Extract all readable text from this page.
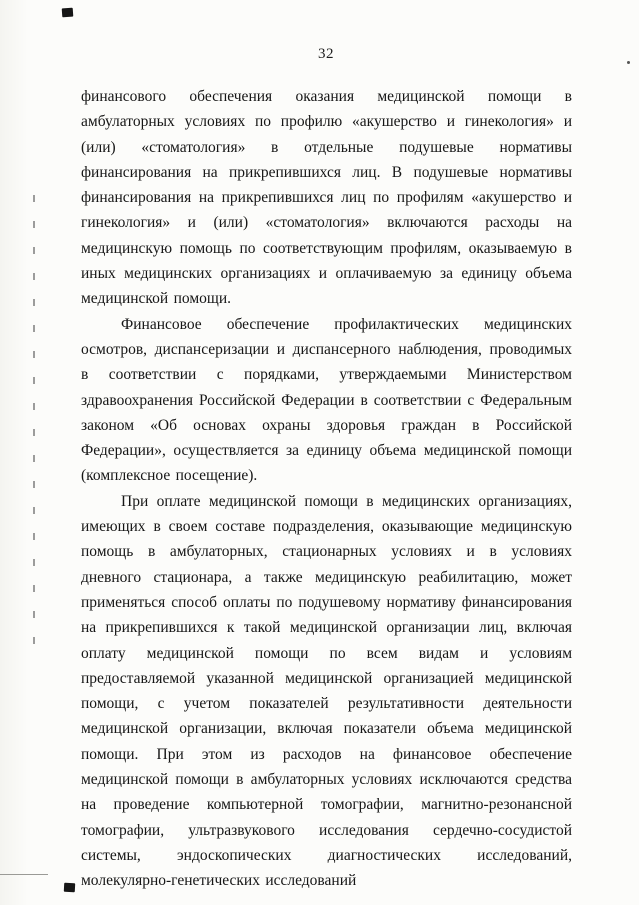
32

финансового обеспечения оказания медицинской помощи в амбулаторных условиях по профилю «акушерство и гинекология» и (или) «стоматология» в отдельные подушевые нормативы финансирования на прикрепившихся лиц. В подушевые нормативы финансирования на прикрепившихся лиц по профилям «акушерство и гинекология» и (или) «стоматология» включаются расходы на медицинскую помощь по соответствующим профилям, оказываемую в иных медицинских организациях и оплачиваемую за единицу объема медицинской помощи.

Финансовое обеспечение профилактических медицинских осмотров, диспансеризации и диспансерного наблюдения, проводимых в соответствии с порядками, утверждаемыми Министерством здравоохранения Российской Федерации в соответствии с Федеральным законом «Об основах охраны здоровья граждан в Российской Федерации», осуществляется за единицу объема медицинской помощи (комплексное посещение).

При оплате медицинской помощи в медицинских организациях, имеющих в своем составе подразделения, оказывающие медицинскую помощь в амбулаторных, стационарных условиях и в условиях дневного стационара, а также медицинскую реабилитацию, может применяться способ оплаты по подушевому нормативу финансирования на прикрепившихся к такой медицинской организации лиц, включая оплату медицинской помощи по всем видам и условиям предоставляемой указанной медицинской организацией медицинской помощи, с учетом показателей результативности деятельности медицинской организации, включая показатели объема медицинской помощи. При этом из расходов на финансовое обеспечение медицинской помощи в амбулаторных условиях исключаются средства на проведение компьютерной томографии, магнитно-резонансной томографии, ультразвукового исследования сердечно-сосудистой системы, эндоскопических диагностических исследований, молекулярно-генетических исследований
